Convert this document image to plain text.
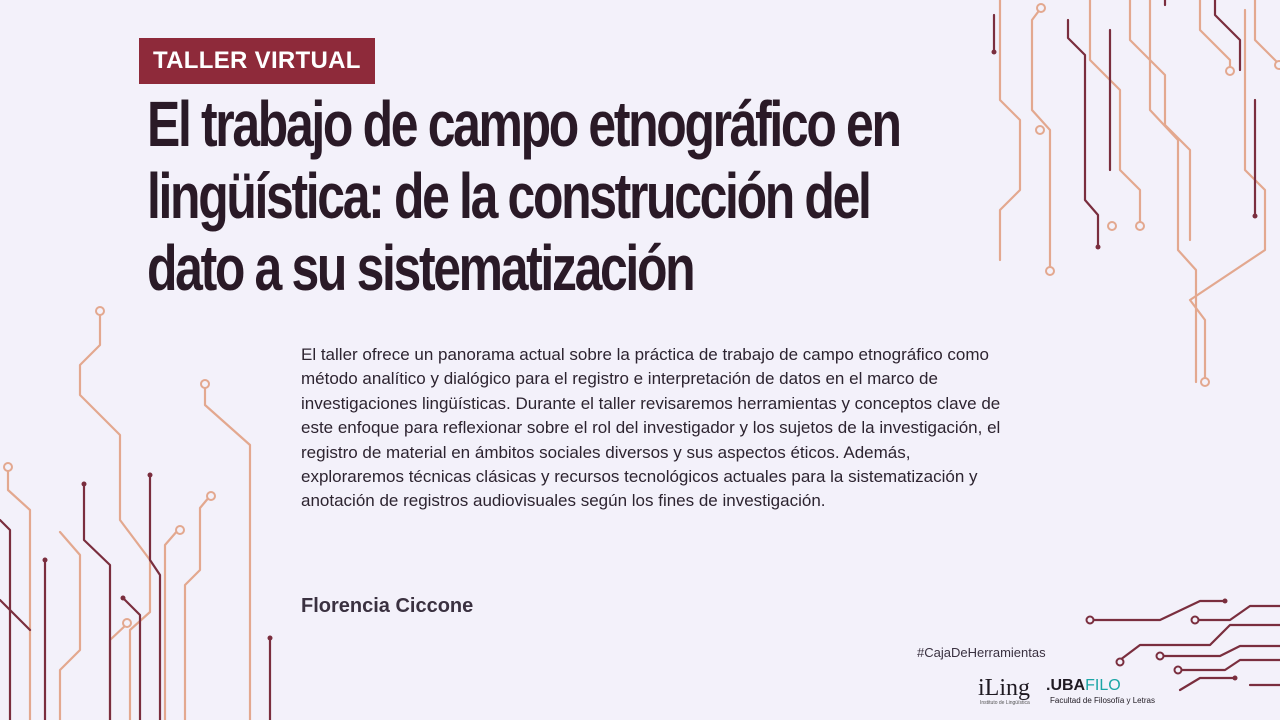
TALLER VIRTUAL
El trabajo de campo etnográfico en
lingüística: de la construcción del
dato a su sistematización

El taller ofrece un panorama actual sobre la práctica de trabajo de campo etnográfico como método analítico y dialógico para el registro e interpretación de datos en el marco de investigaciones lingüísticas. Durante el taller revisaremos herramientas y conceptos clave de este enfoque para reflexionar sobre el rol del investigador y los sujetos de la investigación, el registro de material en ámbitos sociales diversos y sus aspectos éticos. Además, exploraremos técnicas clásicas y recursos tecnológicos actuales para la sistematización y anotación de registros audiovisuales según los fines de investigación.

Florencia Ciccone
#CajaDeHerramientas
iLing
Instituto de Lingüística
.UBAFILO
Facultad de Filosofía y Letras
